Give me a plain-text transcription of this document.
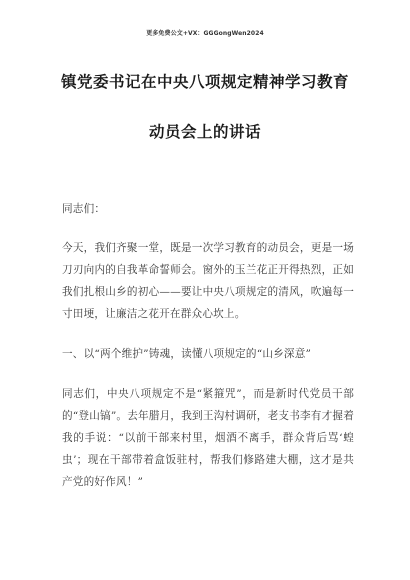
更多免费公文+VX：GGGongWen2024
镇党委书记在中央八项规定精神学习教育
动员会上的讲话
同志们：
今天，我们齐聚一堂，既是一次学习教育的动员会，更是一场刀刃向内的自我革命誓师会。窗外的玉兰花正开得热烈，正如我们扎根山乡的初心——要让中央八项规定的清风，吹遍每一寸田埂，让廉洁之花开在群众心坎上。
一、以“两个维护”铸魂，读懂八项规定的“山乡深意”
同志们，中央八项规定不是“紧箍咒”，而是新时代党员干部的“登山镐”。去年腊月，我到王沟村调研，老支书李有才握着我的手说：“以前干部来村里，烟酒不离手，群众背后骂‘蝗虫’；现在干部带着盒饭驻村，帮我们修路建大棚，这才是共产党的好作风！”
